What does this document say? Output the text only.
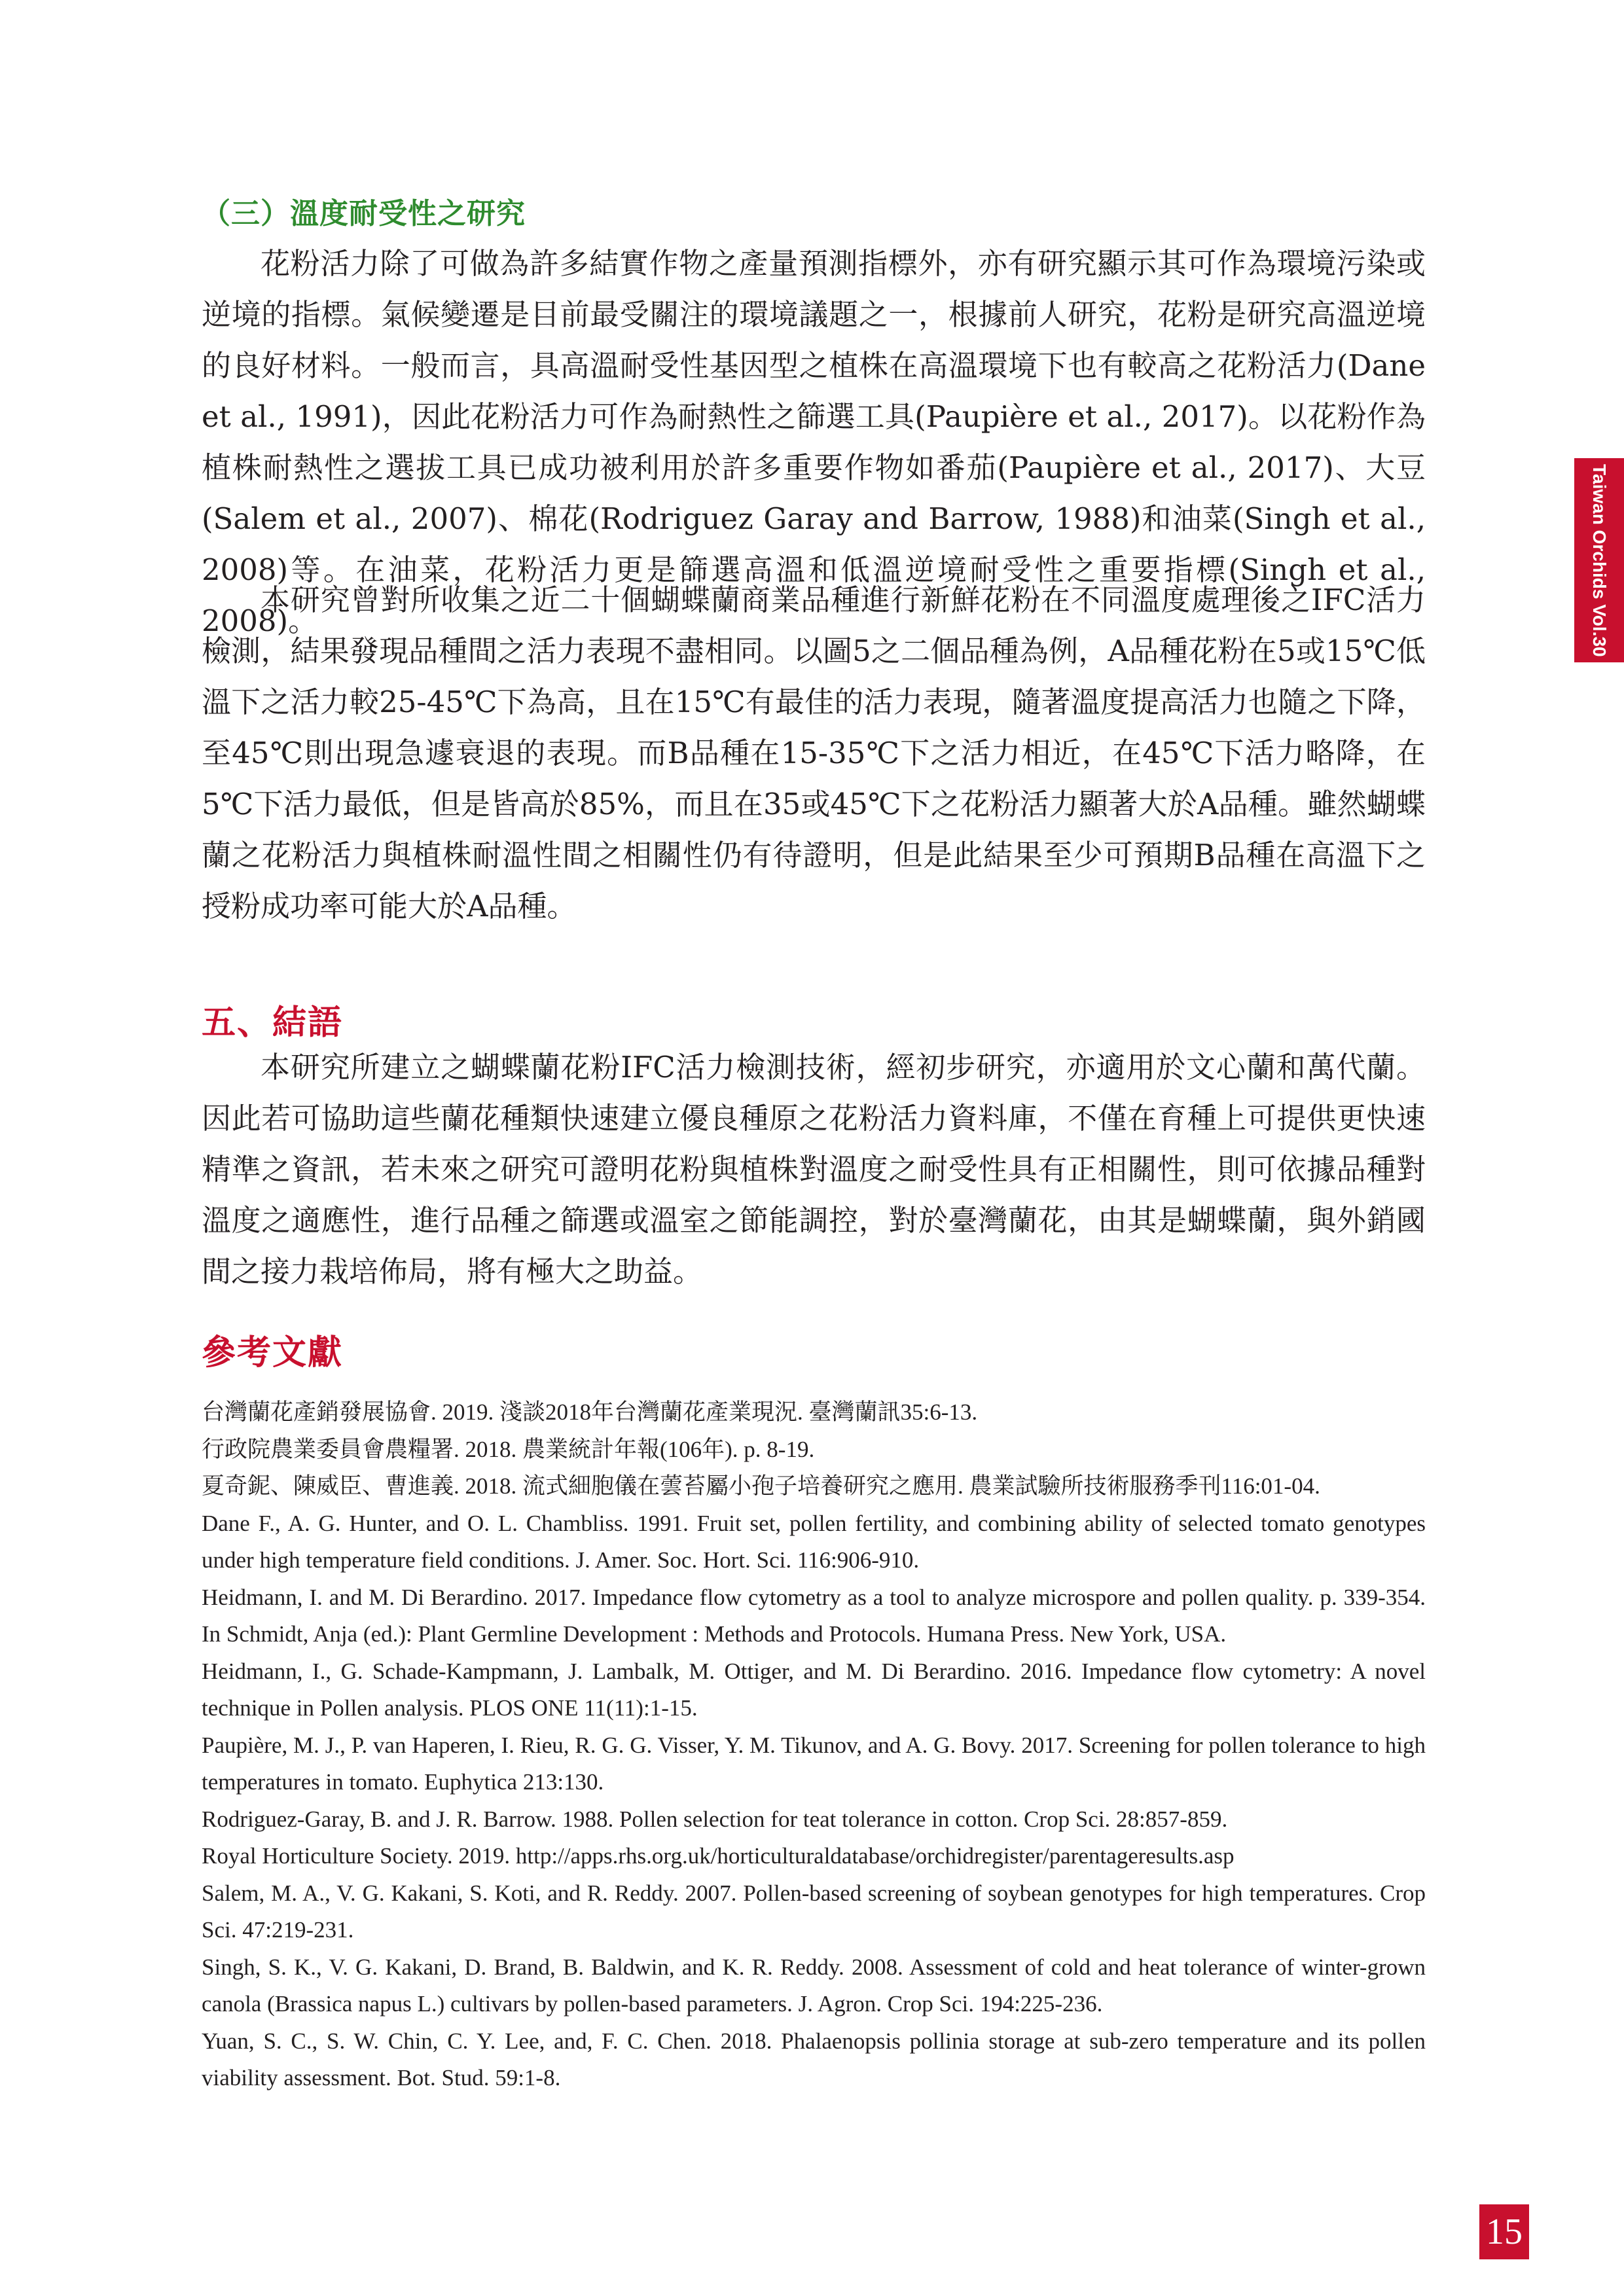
（三）溫度耐受性之研究

花粉活力除了可做為許多結實作物之產量預測指標外，亦有研究顯示其可作為環境污染或逆境的指標。氣候變遷是目前最受關注的環境議題之一，根據前人研究，花粉是研究高溫逆境的良好材料。一般而言，具高溫耐受性基因型之植株在高溫環境下也有較高之花粉活力(Dane et al., 1991)，因此花粉活力可作為耐熱性之篩選工具(Paupière et al., 2017)。以花粉作為植株耐熱性之選拔工具已成功被利用於許多重要作物如番茄(Paupière et al., 2017)、大豆(Salem et al., 2007)、棉花(Rodriguez Garay and Barrow, 1988)和油菜(Singh et al., 2008)等。在油菜，花粉活力更是篩選高溫和低溫逆境耐受性之重要指標(Singh et al., 2008)。

本研究曾對所收集之近二十個蝴蝶蘭商業品種進行新鮮花粉在不同溫度處理後之IFC活力檢測，結果發現品種間之活力表現不盡相同。以圖5之二個品種為例，A品種花粉在5或15℃低溫下之活力較25-45℃下為高，且在15℃有最佳的活力表現，隨著溫度提高活力也隨之下降，至45℃則出現急遽衰退的表現。而B品種在15-35℃下之活力相近，在45℃下活力略降，在5℃下活力最低，但是皆高於85%，而且在35或45℃下之花粉活力顯著大於A品種。雖然蝴蝶蘭之花粉活力與植株耐溫性間之相關性仍有待證明，但是此結果至少可預期B品種在高溫下之授粉成功率可能大於A品種。

五、結語

本研究所建立之蝴蝶蘭花粉IFC活力檢測技術，經初步研究，亦適用於文心蘭和萬代蘭。因此若可協助這些蘭花種類快速建立優良種原之花粉活力資料庫，不僅在育種上可提供更快速精準之資訊，若未來之研究可證明花粉與植株對溫度之耐受性具有正相關性，則可依據品種對溫度之適應性，進行品種之篩選或溫室之節能調控，對於臺灣蘭花，由其是蝴蝶蘭，與外銷國間之接力栽培佈局，將有極大之助益。

參考文獻
台灣蘭花產銷發展協會. 2019. 淺談2018年台灣蘭花產業現況. 臺灣蘭訊35:6-13.
行政院農業委員會農糧署. 2018. 農業統計年報(106年). p. 8-19.
夏奇鈮、陳威臣、曹進義. 2018. 流式細胞儀在蕓苔屬小孢子培養研究之應用. 農業試驗所技術服務季刊116:01-04.
Dane F., A. G. Hunter, and O. L. Chambliss. 1991. Fruit set, pollen fertility, and combining ability of selected tomato genotypes under high temperature field conditions. J. Amer. Soc. Hort. Sci. 116:906-910.
Heidmann, I. and M. Di Berardino. 2017. Impedance flow cytometry as a tool to analyze microspore and pollen quality. p. 339-354. In Schmidt, Anja (ed.): Plant Germline Development : Methods and Protocols. Humana Press. New York, USA.
Heidmann, I., G. Schade-Kampmann, J. Lambalk, M. Ottiger, and M. Di Berardino. 2016. Impedance flow cytometry: A novel technique in Pollen analysis. PLOS ONE 11(11):1-15.
Paupière, M. J., P. van Haperen, I. Rieu, R. G. G. Visser, Y. M. Tikunov, and A. G. Bovy. 2017. Screening for pollen tolerance to high temperatures in tomato. Euphytica 213:130.
Rodriguez-Garay, B. and J. R. Barrow. 1988. Pollen selection for teat tolerance in cotton. Crop Sci. 28:857-859.
Royal Horticulture Society. 2019. http://apps.rhs.org.uk/horticulturaldatabase/orchidregister/parentageresults.asp
Salem, M. A., V. G. Kakani, S. Koti, and R. Reddy. 2007. Pollen-based screening of soybean genotypes for high temperatures. Crop Sci. 47:219-231.
Singh, S. K., V. G. Kakani, D. Brand, B. Baldwin, and K. R. Reddy. 2008. Assessment of cold and heat tolerance of winter-grown canola (Brassica napus L.) cultivars by pollen-based parameters. J. Agron. Crop Sci. 194:225-236.
Yuan, S. C., S. W. Chin, C. Y. Lee, and, F. C. Chen. 2018. Phalaenopsis pollinia storage at sub-zero temperature and its pollen viability assessment. Bot. Stud. 59:1-8.
Taiwan Orchids Vol.30
15
